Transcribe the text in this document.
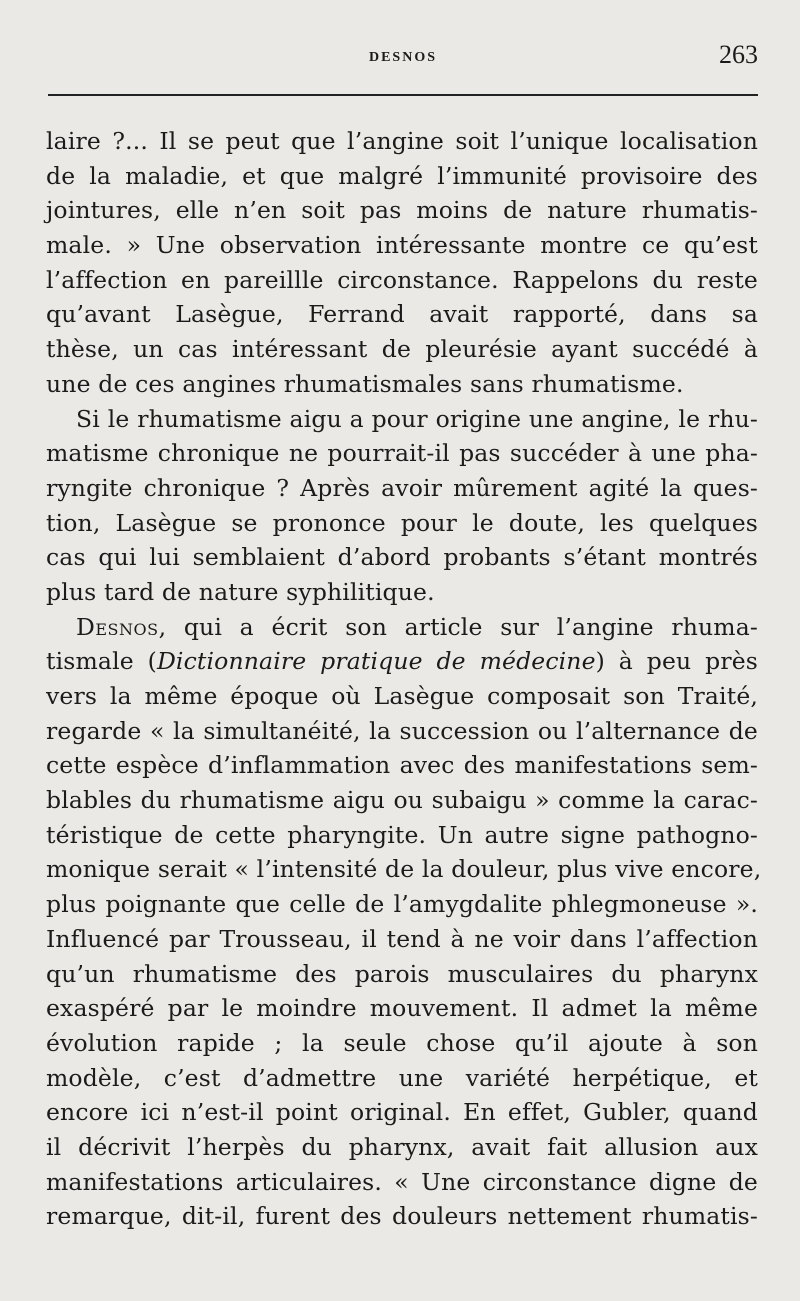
DESNOS	263
laire ?... Il se peut que l’angine soit l’unique localisation
de la maladie, et que malgré l’immunité provisoire des
jointures, elle n’en soit pas moins de nature rhumatis-
male. » Une observation intéressante montre ce qu’est
l’affection en pareillle circonstance. Rappelons du reste
qu’avant Lasègue, Ferrand avait rapporté, dans sa
thèse, un cas intéressant de pleurésie ayant succédé à
une de ces angines rhumatismales sans rhumatisme.
Si le rhumatisme aigu a pour origine une angine, le rhu-
matisme chronique ne pourrait-il pas succéder à une pha-
ryngite chronique ? Après avoir mûrement agité la ques-
tion, Lasègue se prononce pour le doute, les quelques
cas qui lui semblaient d’abord probants s’étant montrés
plus tard de nature syphilitique.
Desnos, qui a écrit son article sur l’angine rhuma-
tismale (Dictionnaire pratique de médecine) à peu près
vers la même époque où Lasègue composait son Traité,
regarde « la simultanéité, la succession ou l’alternance de
cette espèce d’inflammation avec des manifestations sem-
blables du rhumatisme aigu ou subaigu » comme la carac-
téristique de cette pharyngite. Un autre signe pathogno-
monique serait « l’intensité de la douleur, plus vive encore,
plus poignante que celle de l’amygdalite phlegmoneuse ».
Influencé par Trousseau, il tend à ne voir dans l’affection
qu’un rhumatisme des parois musculaires du pharynx
exaspéré par le moindre mouvement. Il admet la même
évolution rapide ; la seule chose qu’il ajoute à son
modèle, c’est d’admettre une variété herpétique, et
encore ici n’est-il point original. En effet, Gubler, quand
il décrivit l’herpès du pharynx, avait fait allusion aux
manifestations articulaires. « Une circonstance digne de
remarque, dit-il, furent des douleurs nettement rhumatis-
